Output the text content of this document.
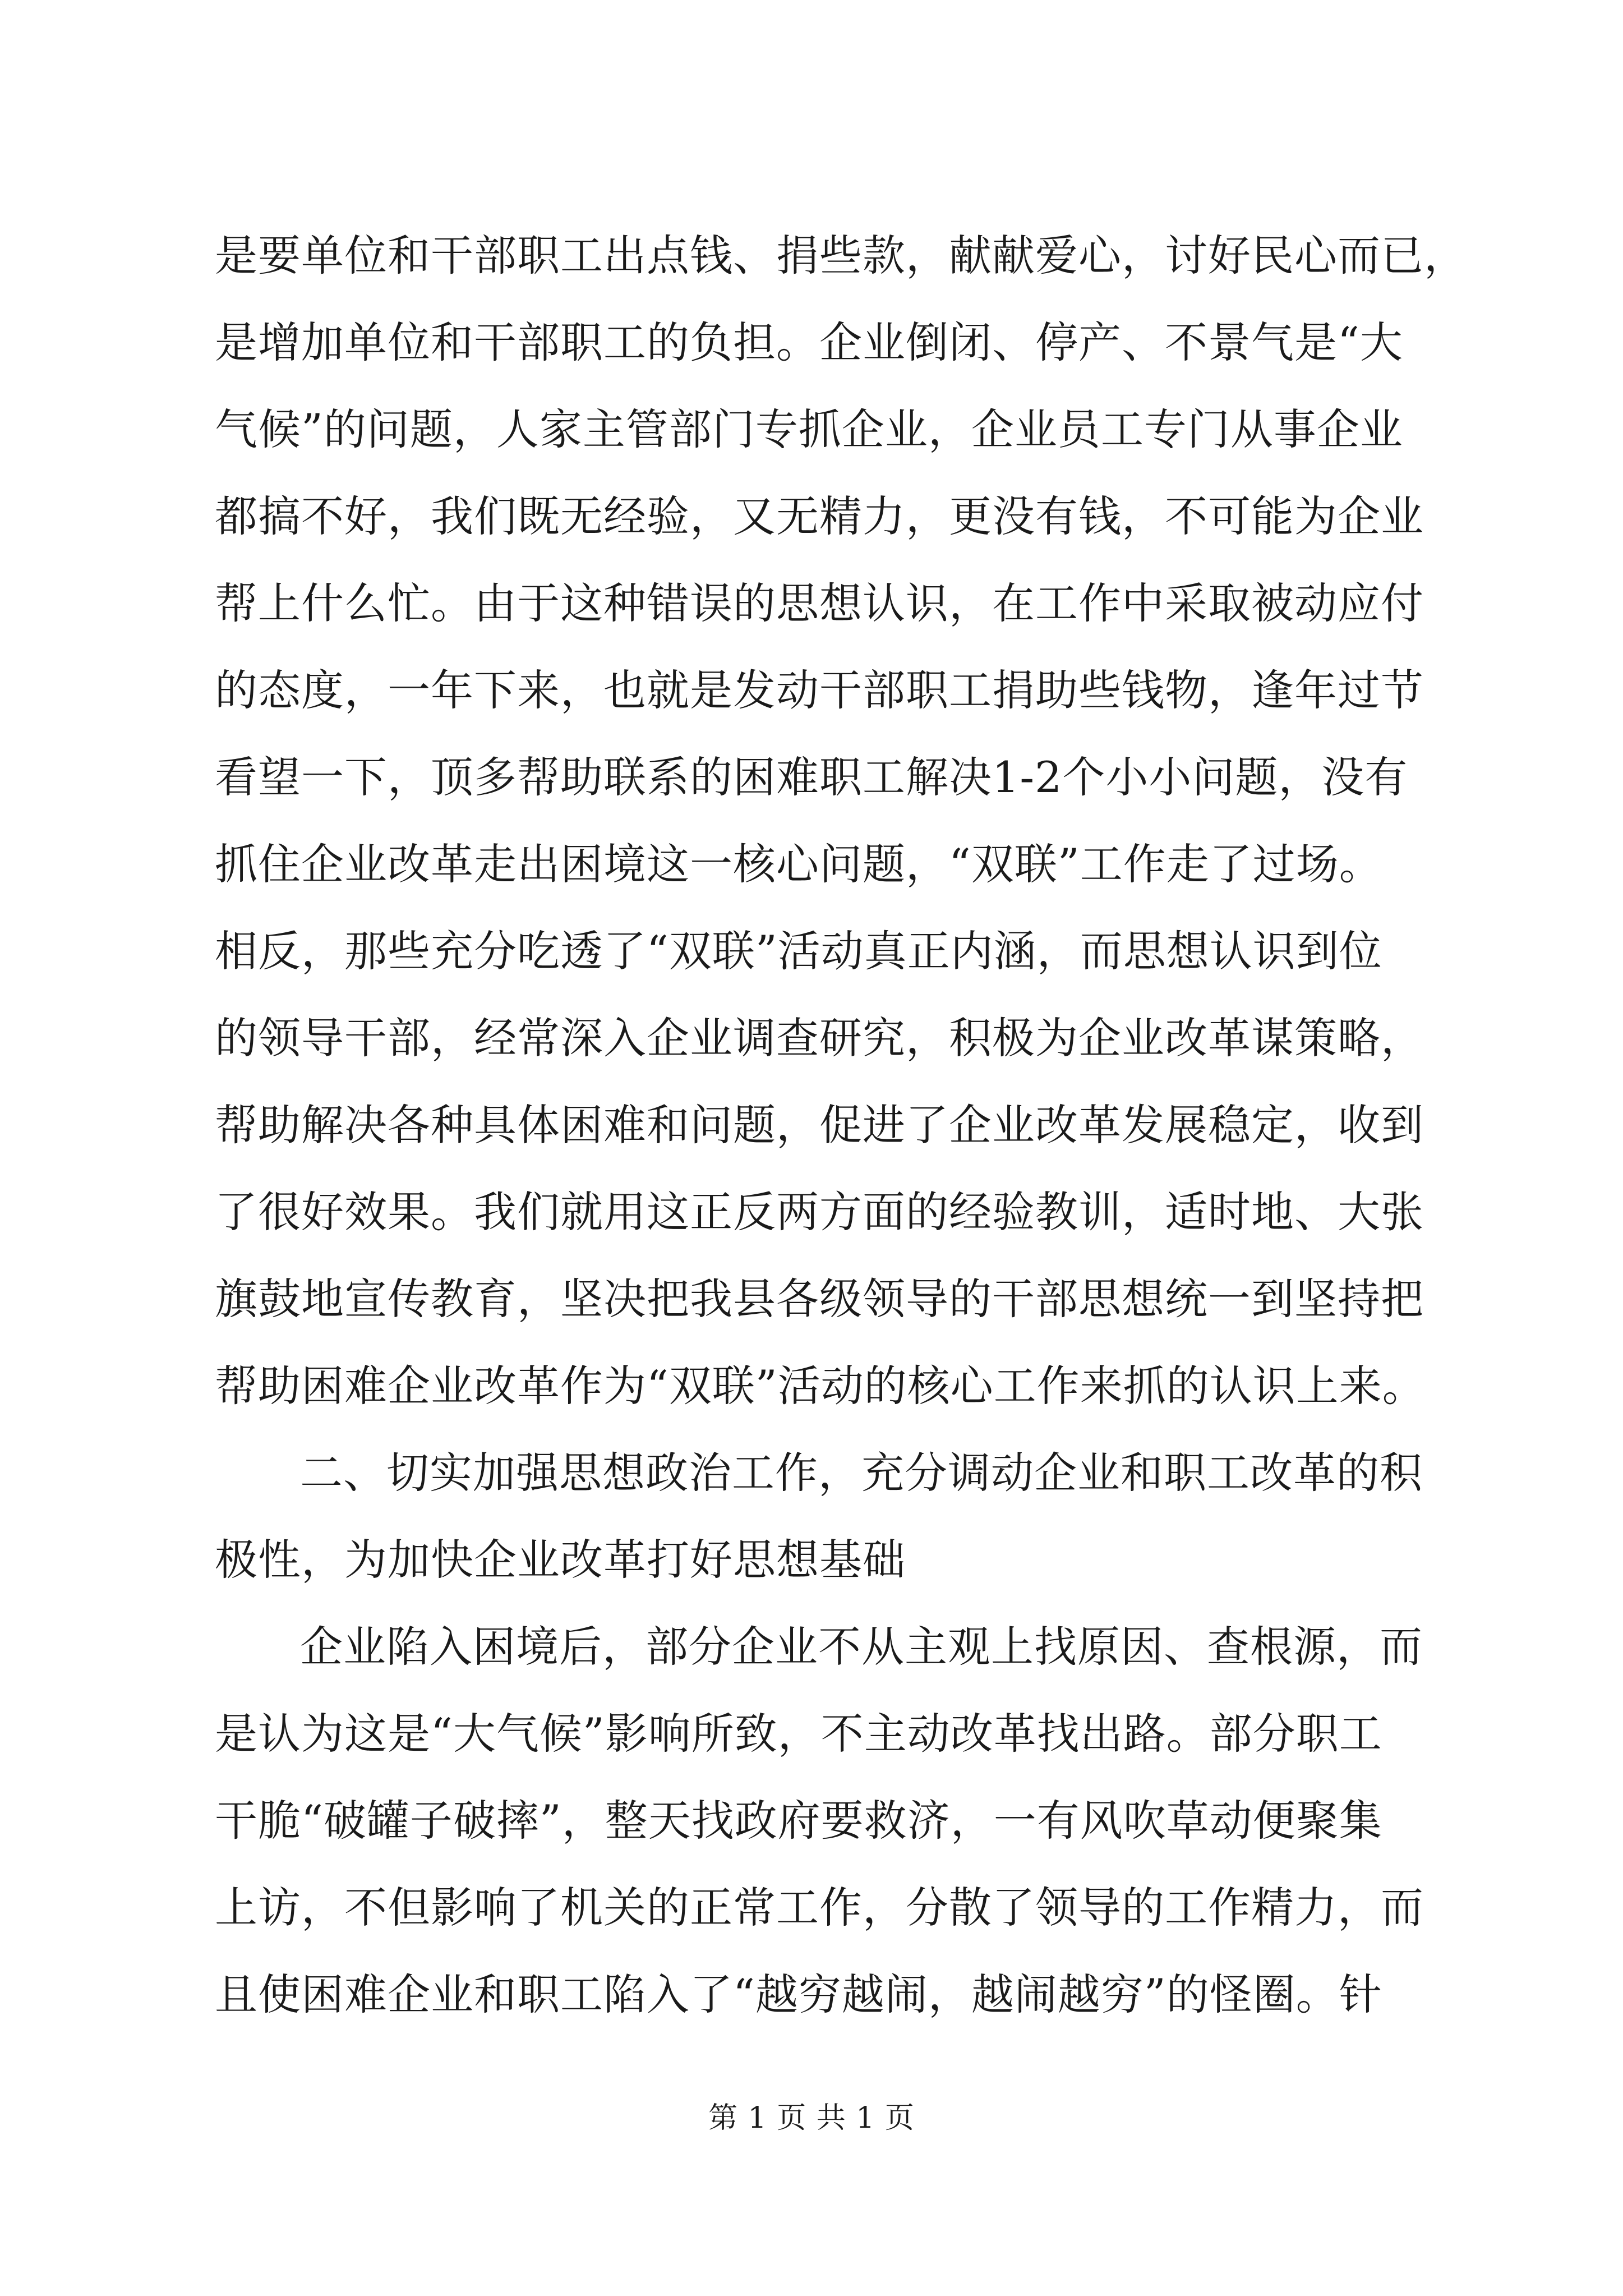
是要单位和干部职工出点钱、捐些款，献献爱心，讨好民心而已，
是增加单位和干部职工的负担。企业倒闭、停产、不景气是“大
气候”的问题，人家主管部门专抓企业，企业员工专门从事企业
都搞不好，我们既无经验，又无精力，更没有钱，不可能为企业
帮上什么忙。由于这种错误的思想认识，在工作中采取被动应付
的态度，一年下来，也就是发动干部职工捐助些钱物，逢年过节
看望一下，顶多帮助联系的困难职工解决1-2个小小问题，没有
抓住企业改革走出困境这一核心问题，“双联”工作走了过场。
相反，那些充分吃透了“双联”活动真正内涵，而思想认识到位
的领导干部，经常深入企业调查研究，积极为企业改革谋策略，
帮助解决各种具体困难和问题，促进了企业改革发展稳定，收到
了很好效果。我们就用这正反两方面的经验教训，适时地、大张
旗鼓地宣传教育，坚决把我县各级领导的干部思想统一到坚持把
帮助困难企业改革作为“双联”活动的核心工作来抓的认识上来。
二、切实加强思想政治工作，充分调动企业和职工改革的积
极性，为加快企业改革打好思想基础
企业陷入困境后，部分企业不从主观上找原因、查根源，而
是认为这是“大气候”影响所致，不主动改革找出路。部分职工
干脆“破罐子破摔”，整天找政府要救济，一有风吹草动便聚集
上访，不但影响了机关的正常工作，分散了领导的工作精力，而
且使困难企业和职工陷入了“越穷越闹，越闹越穷”的怪圈。针
第 1 页 共 1 页
